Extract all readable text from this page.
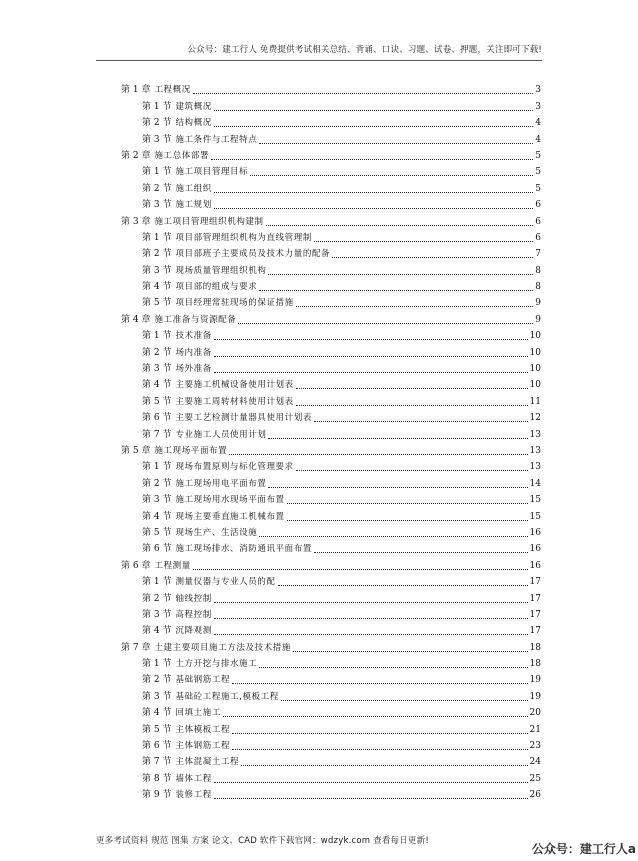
公众号：建工行人 免费提供考试相关总结、背诵、口诀、习题、试卷、押题，关注即可下载!
第 1 章 工程概况	3
第 1 节 建筑概况	3
第 2 节 结构概况	4
第 3 节 施工条件与工程特点	4
第 2 章 施工总体部署	5
第 1 节 施工项目管理目标	5
第 2 节 施工组织	5
第 3 节 施工规划	6
第 3 章 施工项目管理组织机构建制	6
第 1 节 项目部管理组织机构为直线管理制	6
第 2 节 项目部班子主要成员及技术力量的配备	7
第 3 节 现场质量管理组织机构	8
第 4 节 项目部的组成与要求	8
第 5 节 项目经理常驻现场的保证措施	9
第 4 章 施工准备与资源配备	9
第 1 节 技术准备	10
第 2 节 场内准备	10
第 3 节 场外准备	10
第 4 节 主要施工机械设备使用计划表	10
第 5 节 主要施工周转材料使用计划表	11
第 6 节 主要工艺检测计量器具使用计划表	12
第 7 节 专业施工人员使用计划	13
第 5 章 施工现场平面布置	13
第 1 节 现场布置原则与标化管理要求	13
第 2 节 施工现场用电平面布置	14
第 3 节 施工现场用水现场平面布置	15
第 4 节 现场主要垂直施工机械布置	15
第 5 节 现场生产、生活设施	16
第 6 节 施工现场排水、消防通讯平面布置	16
第 6 章 工程测量	16
第 1 节 测量仪器与专业人员的配	17
第 2 节 轴线控制	17
第 3 节 高程控制	17
第 4 节 沉降观测	17
第 7 章 土建主要项目施工方法及技术措施	18
第 1 节 土方开挖与排水施工	18
第 2 节 基础钢筋工程	19
第 3 节 基础砼工程施工,模板工程	19
第 4 节 回填土施工	20
第 5 节 主体模板工程	21
第 6 节 主体钢筋工程	23
第 7 节 主体混凝土工程	24
第 8 节 墙体工程	25
第 9 节 装修工程	26
更多考试资料 规范 图集 方案 论文、CAD 软件下载官网：wdzyk.com 查看每日更新!
公众号：建工行人a
